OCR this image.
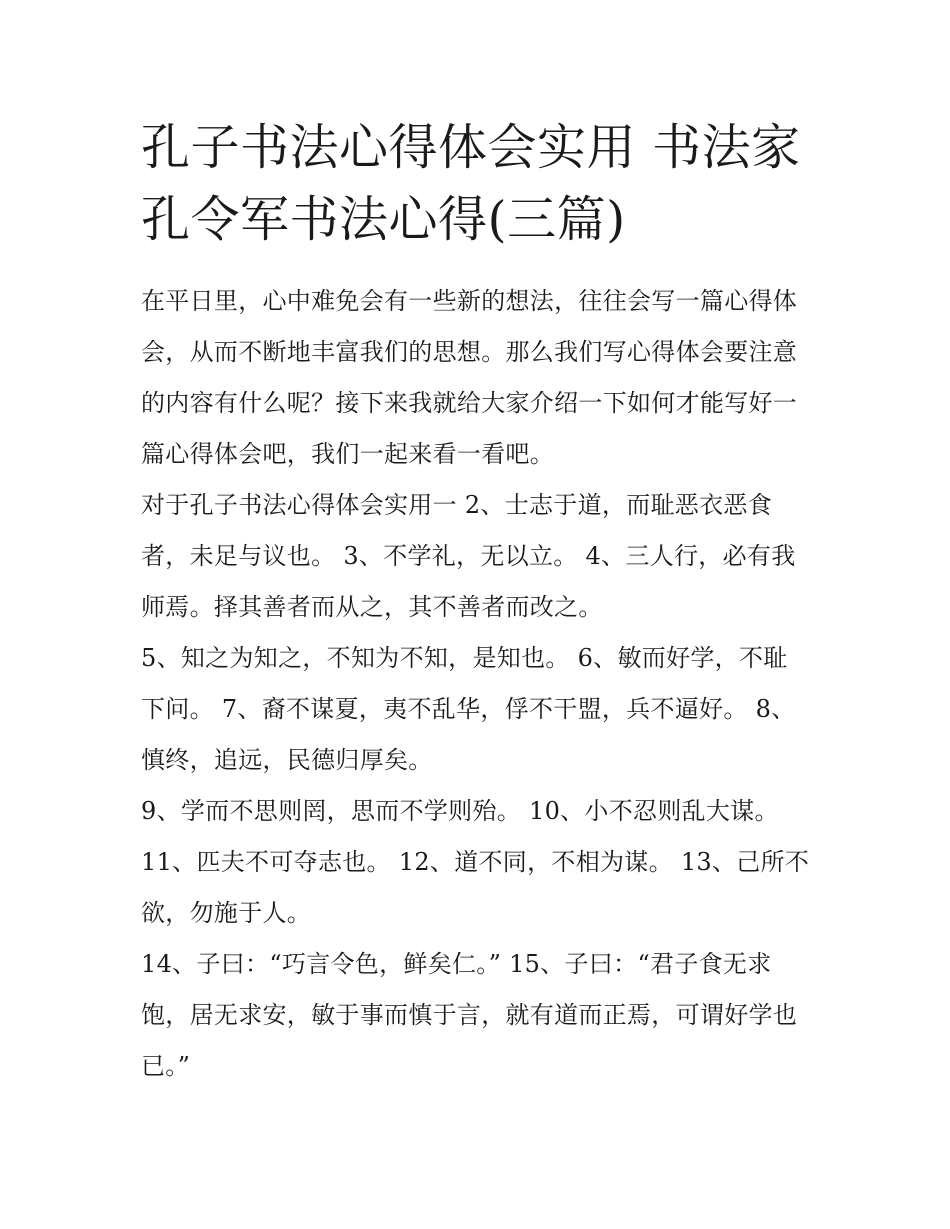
孔子书法心得体会实用 书法家
孔令军书法心得(三篇)

在平日里，心中难免会有一些新的想法，往往会写一篇心得体
会，从而不断地丰富我们的思想。那么我们写心得体会要注意
的内容有什么呢？接下来我就给大家介绍一下如何才能写好一
篇心得体会吧，我们一起来看一看吧。

对于孔子书法心得体会实用一 2、士志于道，而耻恶衣恶食
者，未足与议也。 3、不学礼，无以立。 4、三人行，必有我
师焉。择其善者而从之，其不善者而改之。

5、知之为知之，不知为不知，是知也。 6、敏而好学，不耻
下问。 7、裔不谋夏，夷不乱华，俘不干盟，兵不逼好。 8、
慎终，追远，民德归厚矣。

9、学而不思则罔，思而不学则殆。 10、小不忍则乱大谋。

11、匹夫不可夺志也。 12、道不同，不相为谋。 13、己所不
欲，勿施于人。

14、子曰：“巧言令色，鲜矣仁。” 15、子曰：“君子食无求
饱，居无求安，敏于事而慎于言，就有道而正焉，可谓好学也
已。”
